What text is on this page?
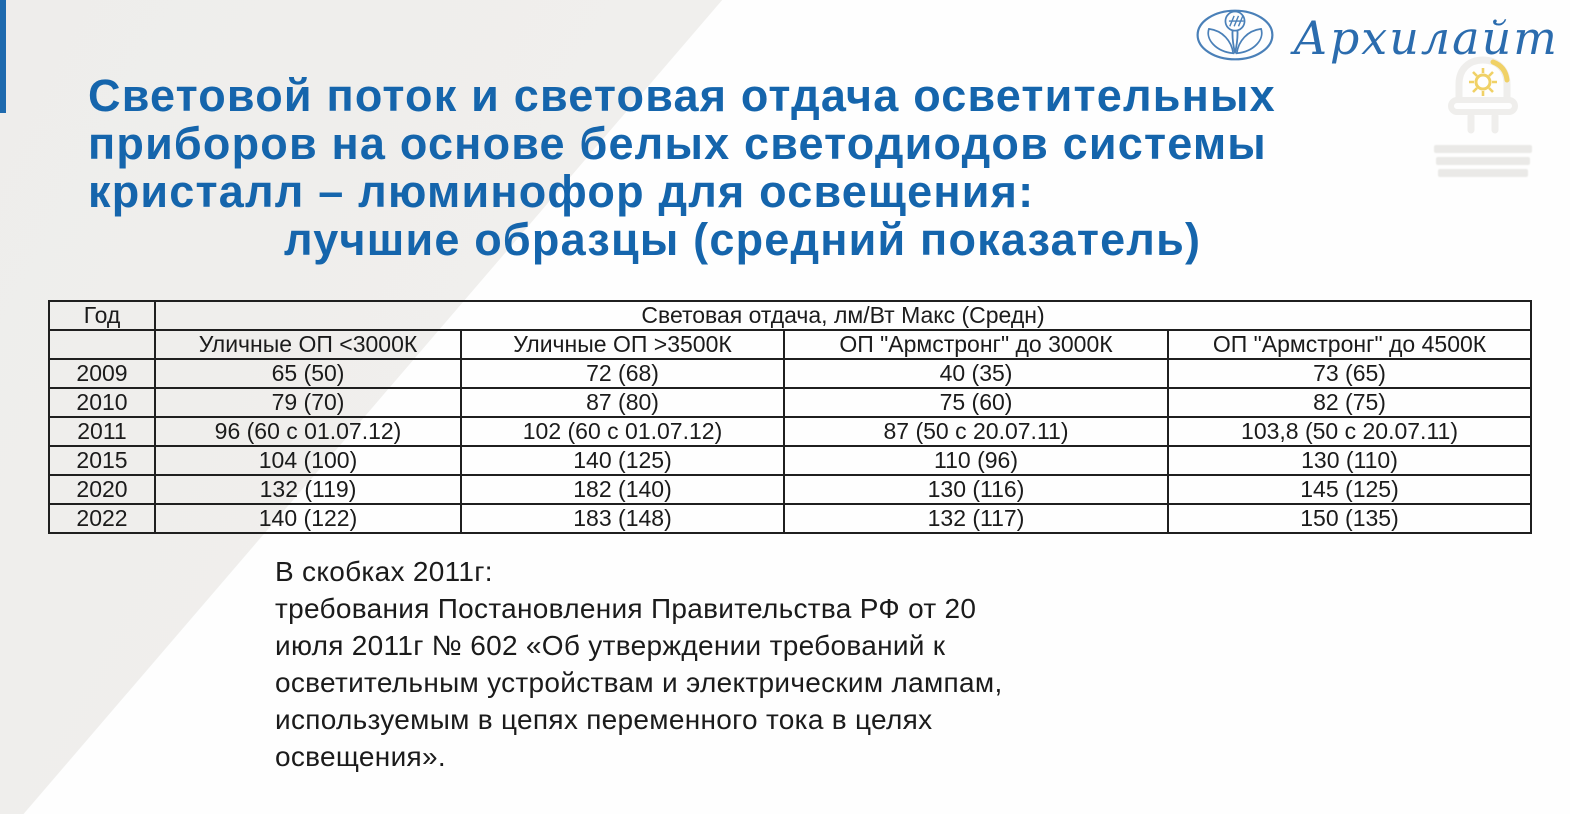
Архилайт
Световой поток и световая отдача осветительных
приборов на основе белых светодиодов системы
кристалл – люминофор для освещения:
лучшие образцы (средний показатель)
Год	Световая отдача, лм/Вт Макс (Средн)			
	Уличные ОП <3000К	Уличные ОП >3500К	ОП "Армстронг" до 3000К	ОП "Армстронг" до 4500К
2009	65 (50)	72 (68)	40 (35)	73 (65)
2010	79 (70)	87 (80)	75 (60)	82 (75)
2011	96 (60 с 01.07.12)	102 (60 с 01.07.12)	87 (50 с 20.07.11)	103,8 (50 с 20.07.11)
2015	104 (100)	140 (125)	110 (96)	130 (110)
2020	132 (119)	182 (140)	130 (116)	145 (125)
2022	140 (122)	183 (148)	132 (117)	150 (135)
В скобках 2011г:
требования Постановления Правительства РФ от 20
июля 2011г № 602 «Об утверждении требований к
осветительным устройствам и электрическим лампам,
используемым в цепях переменного тока в целях
освещения».
